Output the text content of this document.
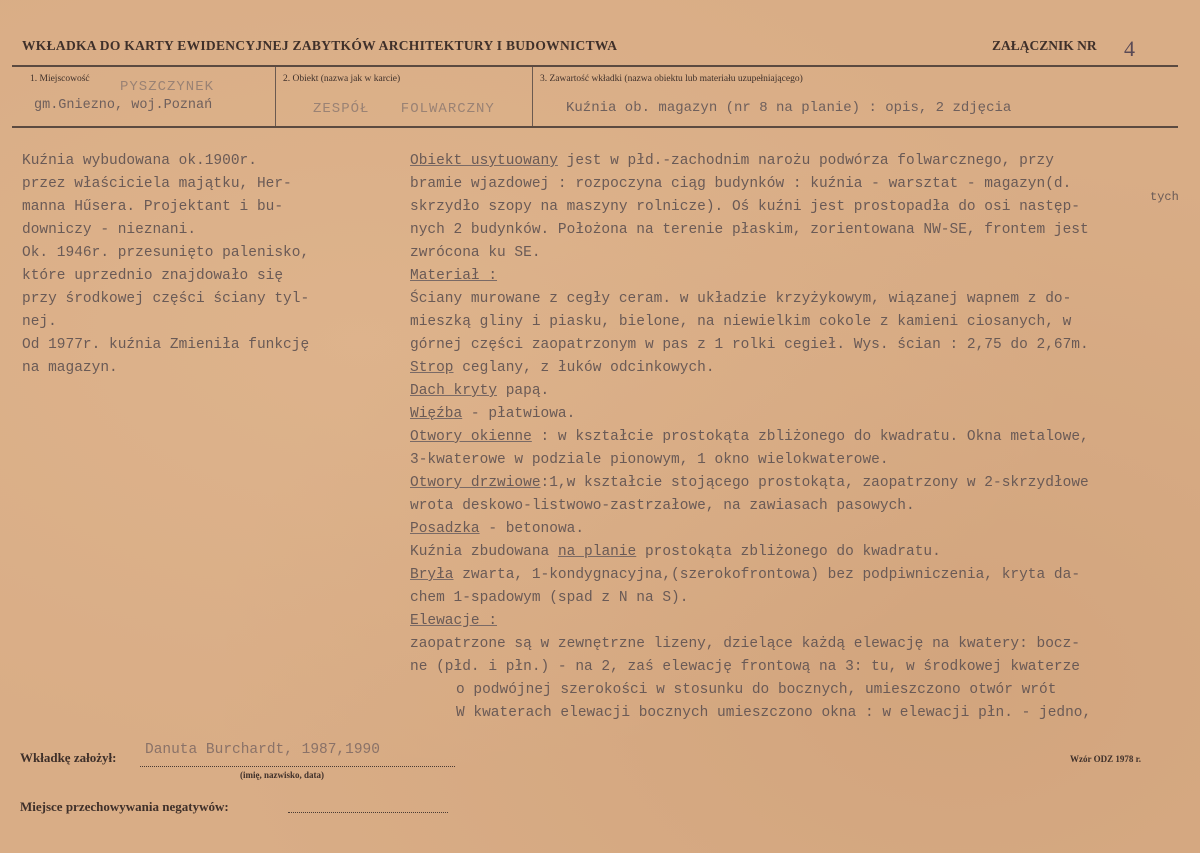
WKŁADKA DO KARTY EWIDENCYJNEJ ZABYTKÓW ARCHITEKTURY I BUDOWNICTWA	ZAŁĄCZNIK NR 4
1. Miejscowość PYSZCZYNEK
gm.Gniezno, woj.Poznań
2. Obiekt (nazwa jak w karcie)
ZESPÓŁ FOLWARCZNY
3. Zawartość wkładki (nazwa obiektu lub materiału uzupełniającego)
Kuźnia ob. magazyn (nr 8 na planie) : opis, 2 zdjęcia
Kuźnia wybudowana ok.1900r.
przez właściciela majątku, Her-
manna Hűsera. Projektant i bu-
downiczy - nieznani.
Ok. 1946r. przesunięto palenisko,
które uprzednio znajdowało się
przy środkowej części ściany tyl-
nej.
Od 1977r. kuźnia Zmieniła funkcję
na magazyn.
Obiekt usytuowany jest w płd.-zachodnim narożu podwórza folwarcznego, przy
bramie wjazdowej : rozpoczyna ciąg budynków : kuźnia - warsztat - magazyn(d.
skrzydło szopy na maszyny rolnicze). Oś kuźni jest prostopadła do osi następ-
tych
nych 2 budynków. Położona na terenie płaskim, zorientowana NW-SE, frontem jest
zwrócona ku SE.
Materiał :
Ściany murowane z cegły ceram. w układzie krzyżykowym, wiązanej wapnem z do-
mieszką gliny i piasku, bielone, na niewielkim cokole z kamieni ciosanych, w
górnej części zaopatrzonym w pas z 1 rolki cegieł. Wys. ścian : 2,75 do 2,67m.
Strop ceglany, z łuków odcinkowych.
Dach kryty papą.
Więźba - płatwiowa.
Otwory okienne : w kształcie prostokąta zbliżonego do kwadratu. Okna metalowe,
3-kwaterowe w podziale pionowym, 1 okno wielokwaterowe.
Otwory drzwiowe:1,w kształcie stojącego prostokąta, zaopatrzony w 2-skrzydłowe
wrota deskowo-listwowo-zastrzałowe, na zawiasach pasowych.
Posadzka - betonowa.
Kuźnia zbudowana na planie prostokąta zbliżonego do kwadratu.
Bryła zwarta, 1-kondygnacyjna,(szerokofrontowa) bez podpiwniczenia, kryta da-
chem 1-spadowym (spad z N na S).
Elewacje :
zaopatrzone są w zewnętrzne lizeny, dzielące każdą elewację na kwatery: bocz-
ne (płd. i płn.) - na 2, zaś elewację frontową na 3: tu, w środkowej kwaterze
o podwójnej szerokości w stosunku do bocznych, umieszczono otwór wrót
W kwaterach elewacji bocznych umieszczono okna : w elewacji płn. - jedno,
Wkładkę założył: Danuta Burchardt, 1987,1990
(imię, nazwisko, data)
Wzór ODZ 1978 r.
Miejsce przechowywania negatywów:
